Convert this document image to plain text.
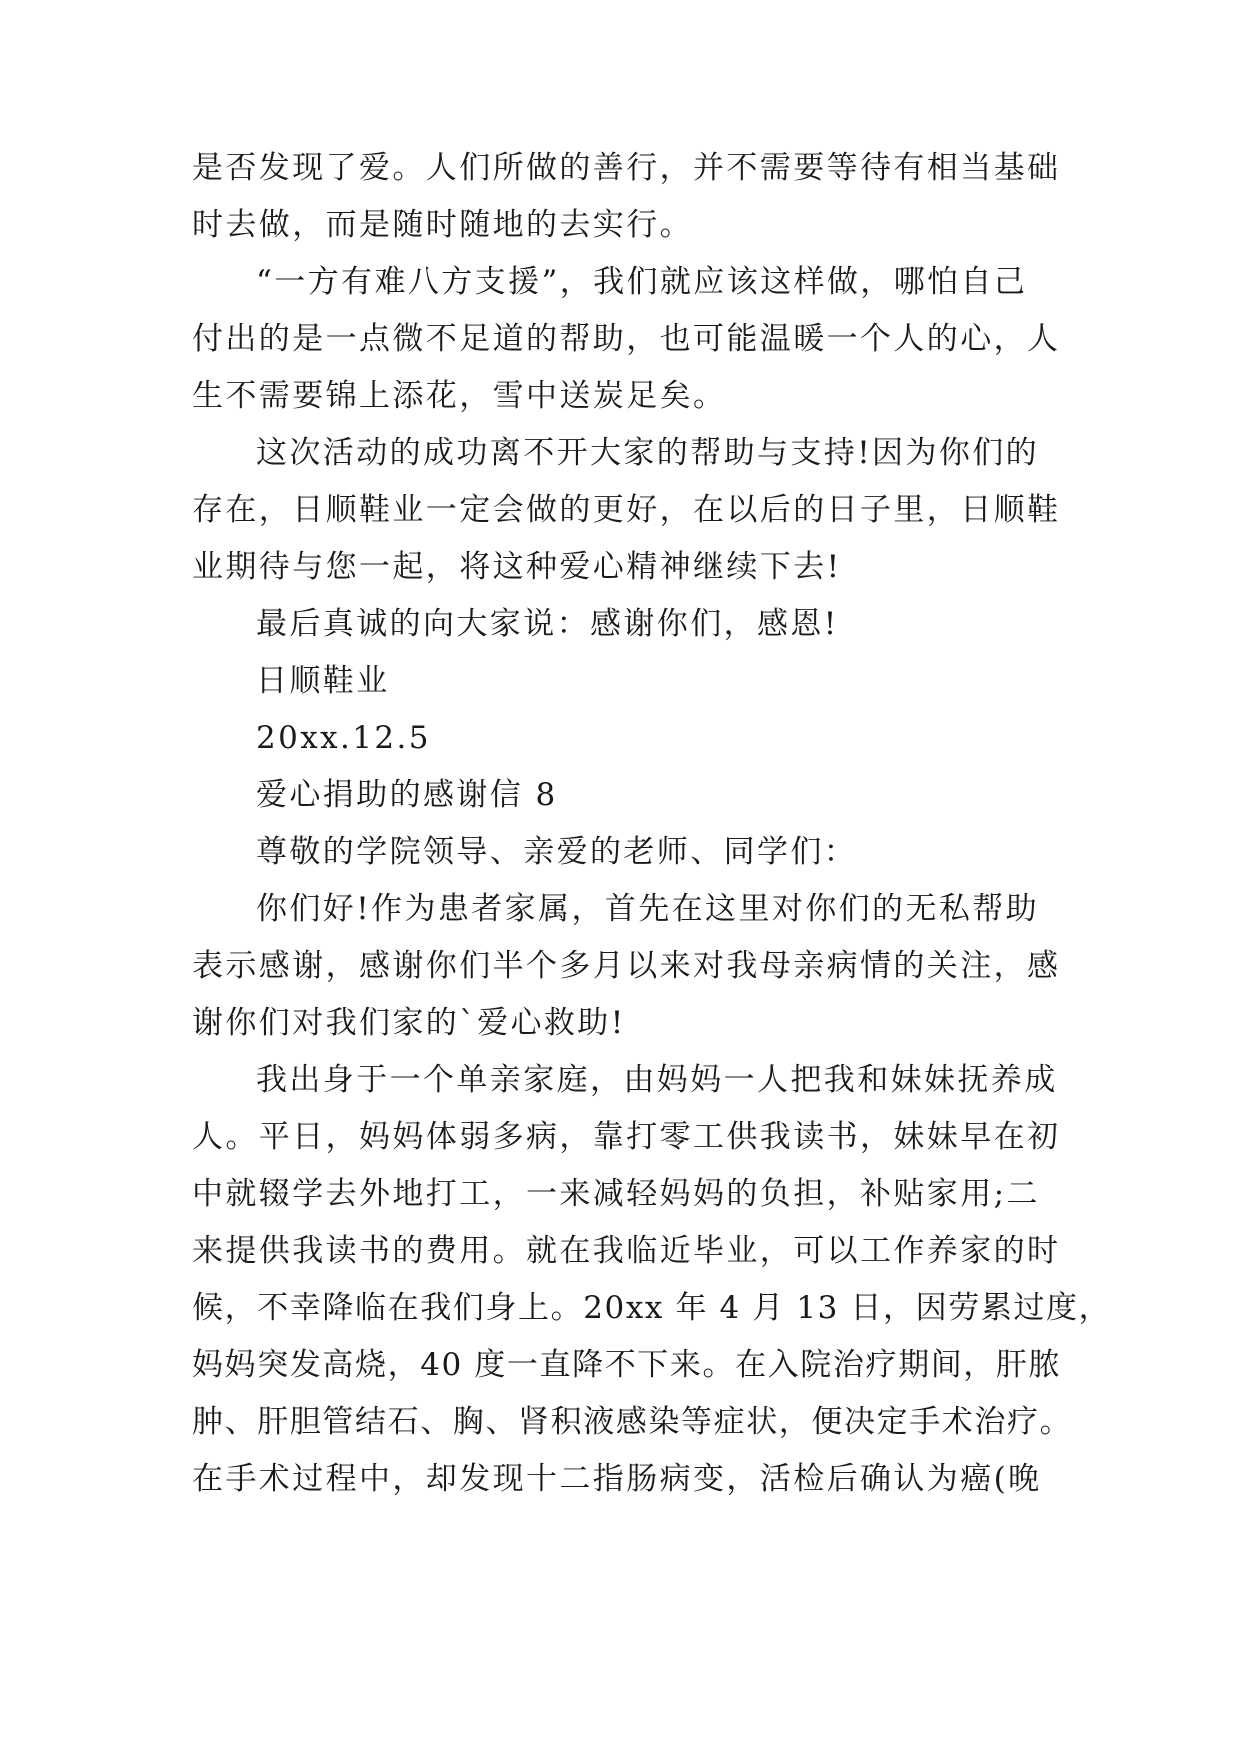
是否发现了爱。人们所做的善行，并不需要等待有相当基础
时去做，而是随时随地的去实行。
“一方有难八方支援”，我们就应该这样做，哪怕自己
付出的是一点微不足道的帮助，也可能温暖一个人的心，人
生不需要锦上添花，雪中送炭足矣。
这次活动的成功离不开大家的帮助与支持!因为你们的
存在，日顺鞋业一定会做的更好，在以后的日子里，日顺鞋
业期待与您一起，将这种爱心精神继续下去!
最后真诚的向大家说：感谢你们，感恩!
日顺鞋业
20xx.12.5
爱心捐助的感谢信 8
尊敬的学院领导、亲爱的老师、同学们：
你们好!作为患者家属，首先在这里对你们的无私帮助
表示感谢，感谢你们半个多月以来对我母亲病情的关注，感
谢你们对我们家的`爱心救助!
我出身于一个单亲家庭，由妈妈一人把我和妹妹抚养成
人。平日，妈妈体弱多病，靠打零工供我读书，妹妹早在初
中就辍学去外地打工，一来减轻妈妈的负担，补贴家用;二
来提供我读书的费用。就在我临近毕业，可以工作养家的时
候，不幸降临在我们身上。20xx 年 4 月 13 日，因劳累过度，
妈妈突发高烧，40 度一直降不下来。在入院治疗期间，肝脓
肿、肝胆管结石、胸、肾积液感染等症状，便决定手术治疗。
在手术过程中，却发现十二指肠病变，活检后确认为癌(晚
